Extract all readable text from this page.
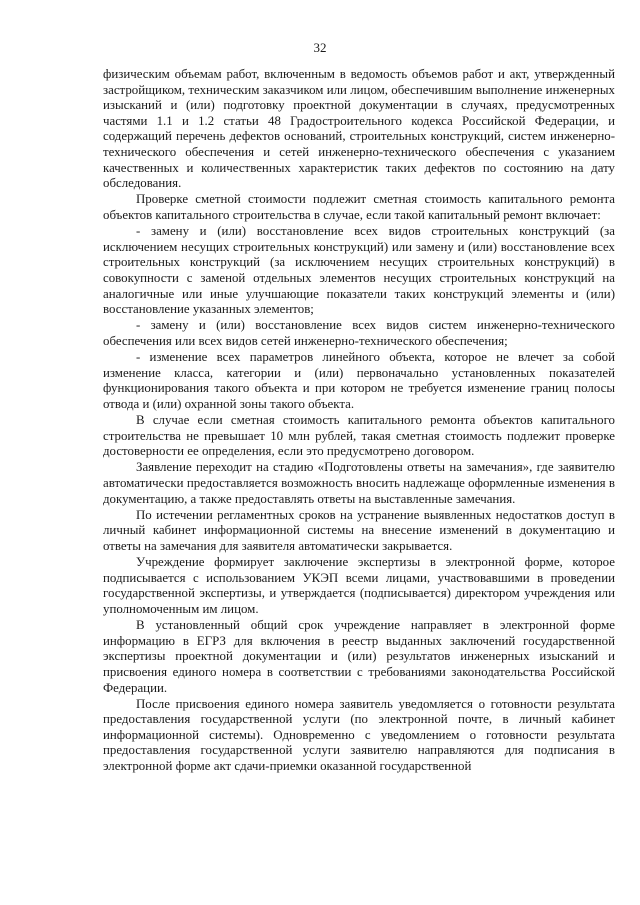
32

физическим объемам работ, включенным в ведомость объемов работ и акт, утвержденный застройщиком, техническим заказчиком или лицом, обеспечившим выполнение инженерных изысканий и (или) подготовку проектной документации в случаях, предусмотренных частями 1.1 и 1.2 статьи 48 Градостроительного кодекса Российской Федерации, и содержащий перечень дефектов оснований, строительных конструкций, систем инженерно-технического обеспечения и сетей инженерно-технического обеспечения с указанием качественных и количественных характеристик таких дефектов по состоянию на дату обследования.

Проверке сметной стоимости подлежит сметная стоимость капитального ремонта объектов капитального строительства в случае, если такой капитальный ремонт включает:

- замену и (или) восстановление всех видов строительных конструкций (за исключением несущих строительных конструкций) или замену и (или) восстановление всех строительных конструкций (за исключением несущих строительных конструкций) в совокупности с заменой отдельных элементов несущих строительных конструкций на аналогичные или иные улучшающие показатели таких конструкций элементы и (или) восстановление указанных элементов;

- замену и (или) восстановление всех видов систем инженерно-технического обеспечения или всех видов сетей инженерно-технического обеспечения;

- изменение всех параметров линейного объекта, которое не влечет за собой изменение класса, категории и (или) первоначально установленных показателей функционирования такого объекта и при котором не требуется изменение границ полосы отвода и (или) охранной зоны такого объекта.

В случае если сметная стоимость капитального ремонта объектов капитального строительства не превышает 10 млн рублей, такая сметная стоимость подлежит проверке достоверности ее определения, если это предусмотрено договором.

Заявление переходит на стадию «Подготовлены ответы на замечания», где заявителю автоматически предоставляется возможность вносить надлежаще оформленные изменения в документацию, а также предоставлять ответы на выставленные замечания.

По истечении регламентных сроков на устранение выявленных недостатков доступ в личный кабинет информационной системы на внесение изменений в документацию и ответы на замечания для заявителя автоматически закрывается.

Учреждение формирует заключение экспертизы в электронной форме, которое подписывается с использованием УКЭП всеми лицами, участвовавшими в проведении государственной экспертизы, и утверждается (подписывается) директором учреждения или уполномоченным им лицом.

В установленный общий срок учреждение направляет в электронной форме информацию в ЕГРЗ для включения в реестр выданных заключений государственной экспертизы проектной документации и (или) результатов инженерных изысканий и присвоения единого номера в соответствии с требованиями законодательства Российской Федерации.

После присвоения единого номера заявитель уведомляется о готовности результата предоставления государственной услуги (по электронной почте, в личный кабинет информационной системы). Одновременно с уведомлением о готовности результата предоставления государственной услуги заявителю направляются для подписания в электронной форме акт сдачи-приемки оказанной государственной
